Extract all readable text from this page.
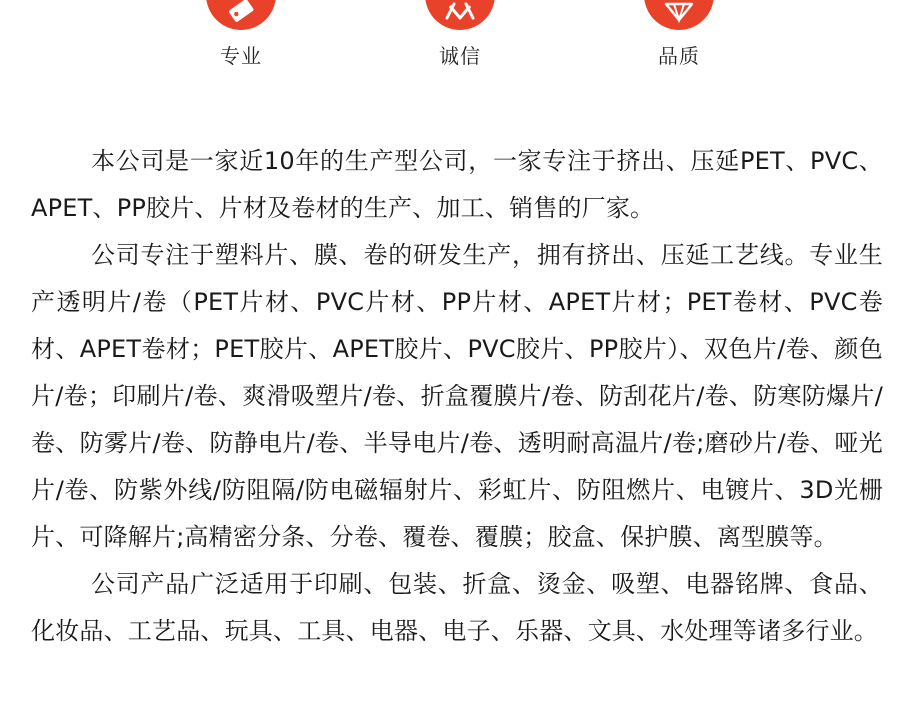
专业	诚信	品质

本公司是一家近10年的生产型公司，一家专注于挤出、压延PET、PVC、APET、PP胶片、片材及卷材的生产、加工、销售的厂家。

公司专注于塑料片、膜、卷的研发生产，拥有挤出、压延工艺线。专业生产透明片/卷（PET片材、PVC片材、PP片材、APET片材；PET卷材、PVC卷材、APET卷材；PET胶片、APET胶片、PVC胶片、PP胶片）、双色片/卷、颜色片/卷；印刷片/卷、爽滑吸塑片/卷、折盒覆膜片/卷、防刮花片/卷、防寒防爆片/卷、防雾片/卷、防静电片/卷、半导电片/卷、透明耐高温片/卷;磨砂片/卷、哑光片/卷、防紫外线/防阻隔/防电磁辐射片、彩虹片、防阻燃片、电镀片、3D光栅片、可降解片;高精密分条、分卷、覆卷、覆膜；胶盒、保护膜、离型膜等。

公司产品广泛适用于印刷、包装、折盒、烫金、吸塑、电器铭牌、食品、化妆品、工艺品、玩具、工具、电器、电子、乐器、文具、水处理等诸多行业。
